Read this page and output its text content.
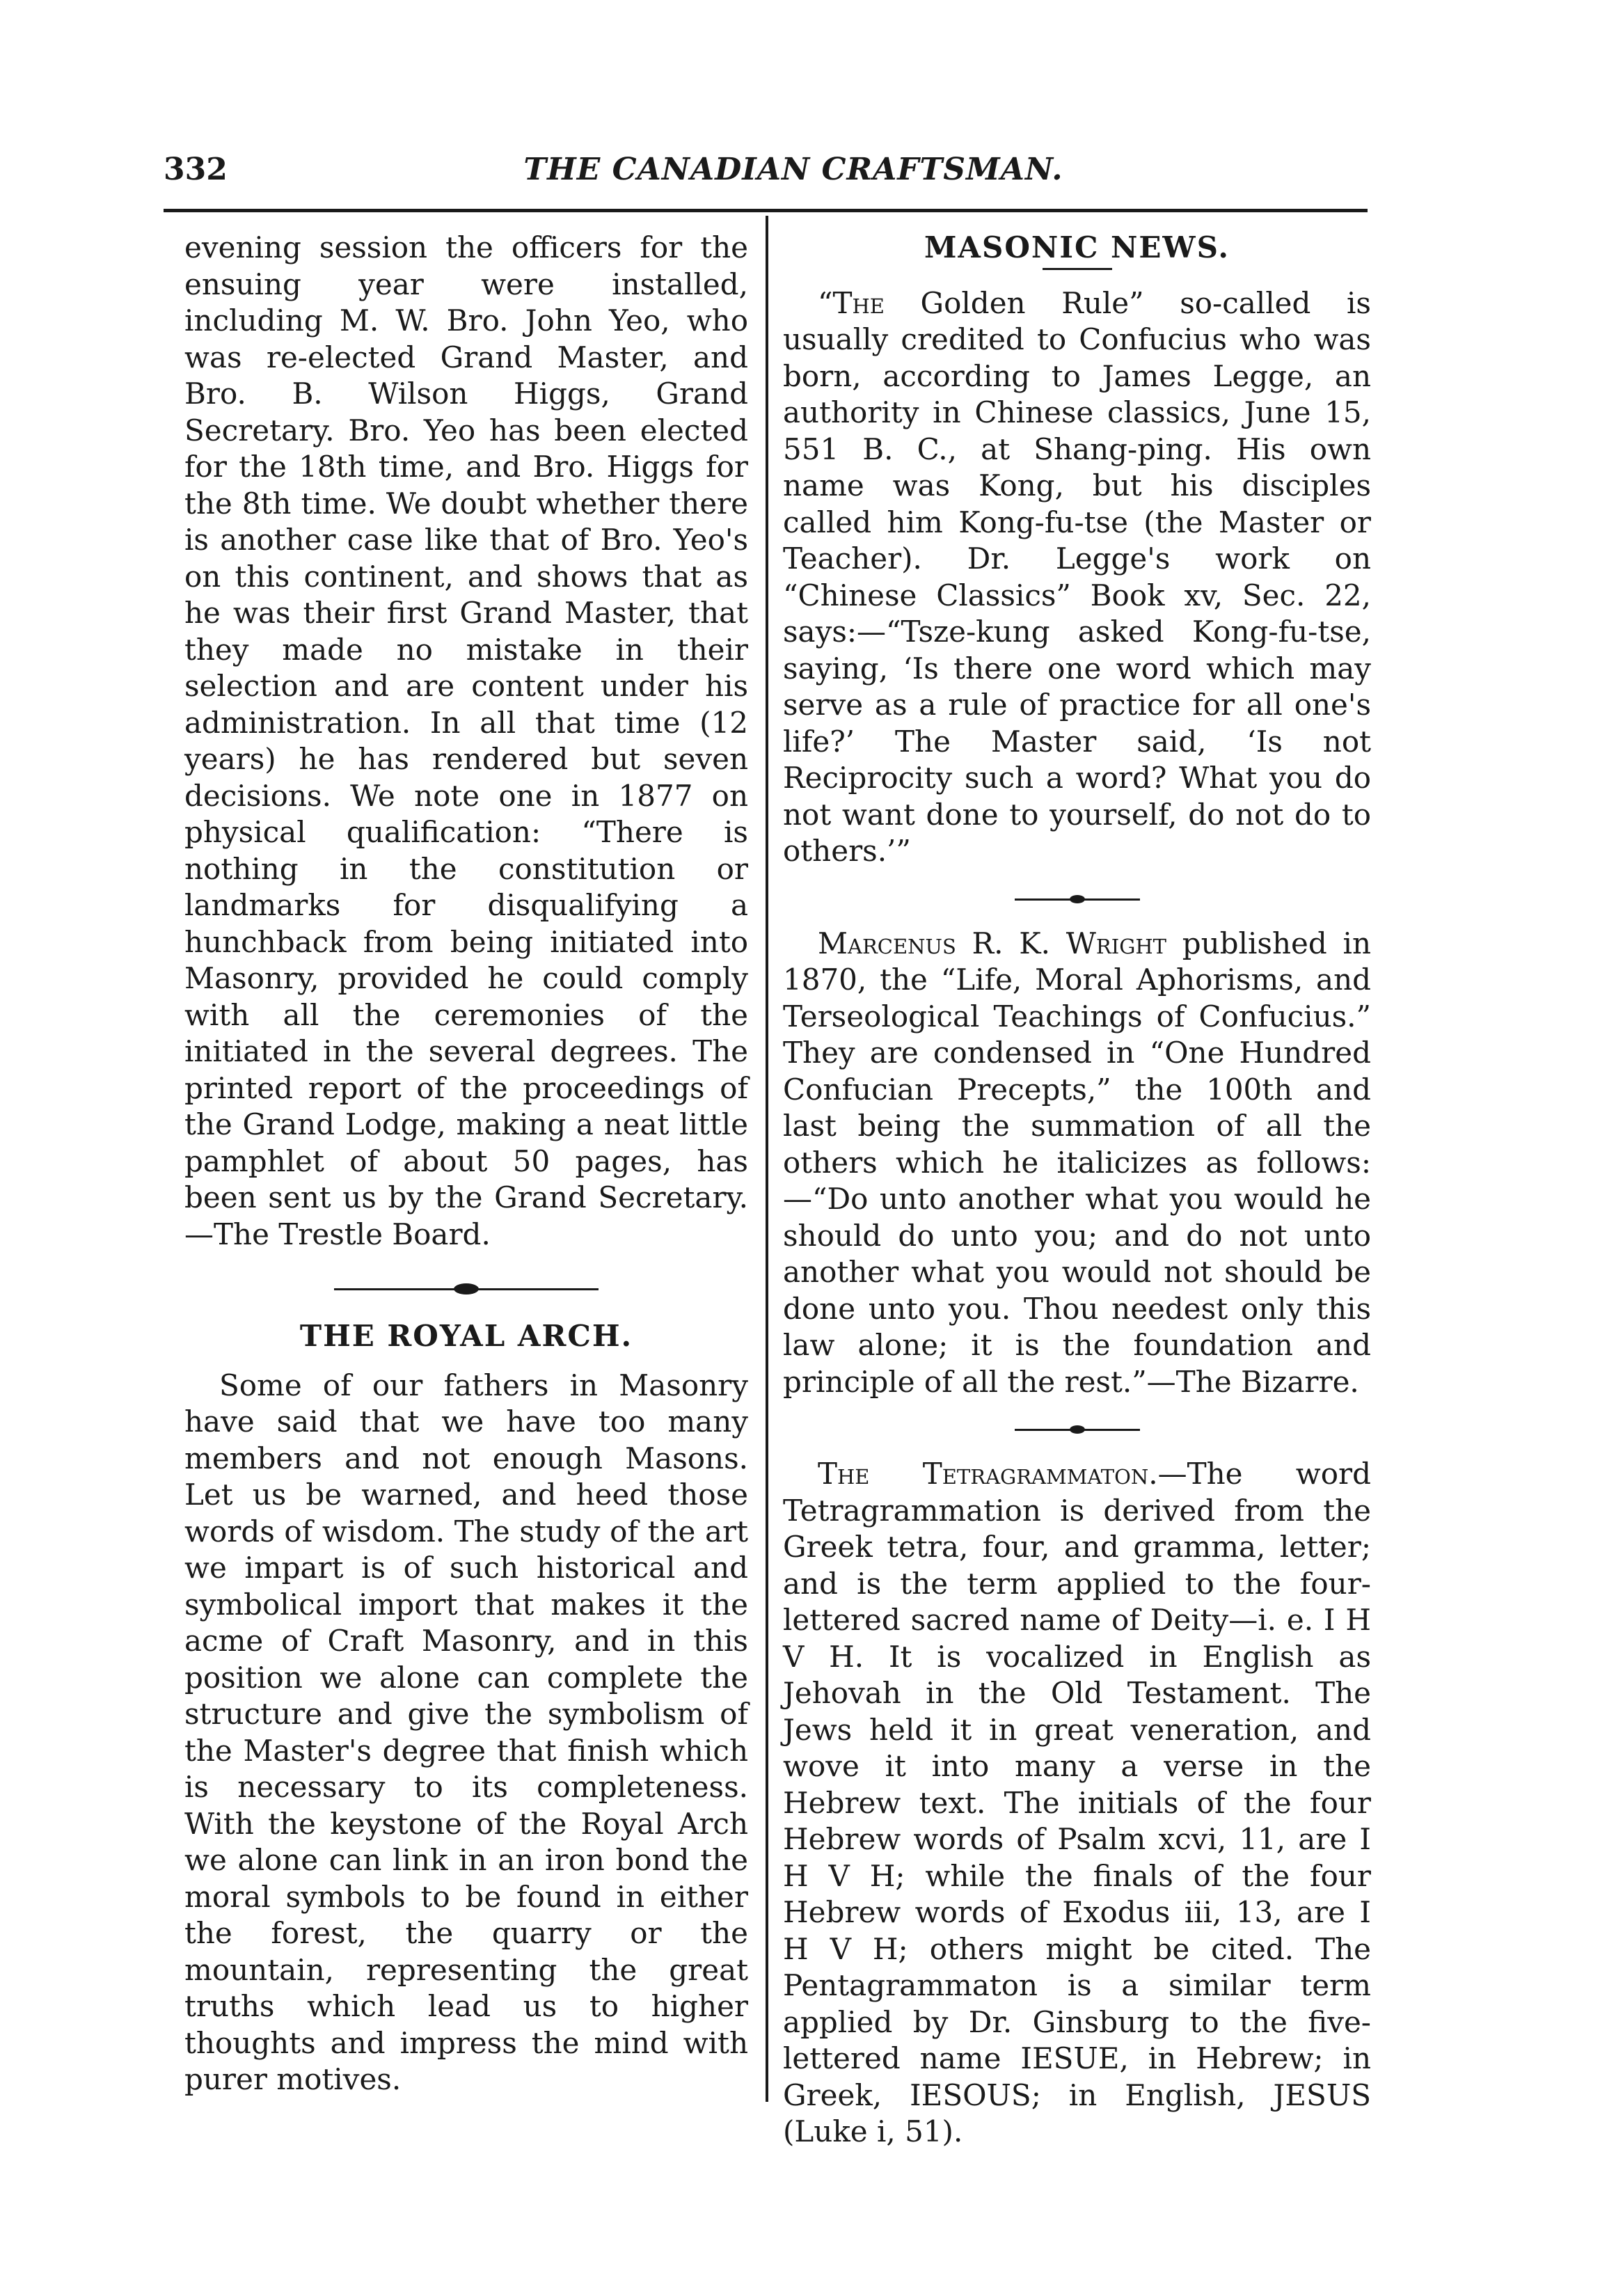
332	THE CANADIAN CRAFTSMAN.

evening session the officers for the ensuing year were installed, including M. W. Bro. John Yeo, who was re-elected Grand Master, and Bro. B. Wilson Higgs, Grand Secretary. Bro. Yeo has been elected for the 18th time, and Bro. Higgs for the 8th time. We doubt whether there is another case like that of Bro. Yeo's on this continent, and shows that as he was their first Grand Master, that they made no mistake in their selection and are content under his administration. In all that time (12 years) he has rendered but seven decisions. We note one in 1877 on physical qualification: “There is nothing in the constitution or landmarks for disqualifying a hunchback from being initiated into Masonry, provided he could comply with all the ceremonies of the initiated in the several degrees. The printed report of the proceedings of the Grand Lodge, making a neat little pamphlet of about 50 pages, has been sent us by the Grand Secretary.—The Trestle Board.

THE ROYAL ARCH.

Some of our fathers in Masonry have said that we have too many members and not enough Masons. Let us be warned, and heed those words of wisdom. The study of the art we impart is of such historical and symbolical import that makes it the acme of Craft Masonry, and in this position we alone can complete the structure and give the symbolism of the Master's degree that finish which is necessary to its completeness. With the keystone of the Royal Arch we alone can link in an iron bond the moral symbols to be found in either the forest, the quarry or the mountain, representing the great truths which lead us to higher thoughts and impress the mind with purer motives.

MASONIC NEWS.

“The Golden Rule” so-called is usually credited to Confucius who was born, according to James Legge, an authority in Chinese classics, June 15, 551 B. C., at Shang-ping. His own name was Kong, but his disciples called him Kong-fu-tse (the Master or Teacher). Dr. Legge's work on “Chinese Classics” Book xv, Sec. 22, says:—“Tsze-kung asked Kong-fu-tse, saying, ‘Is there one word which may serve as a rule of practice for all one's life?’ The Master said, ‘Is not Reciprocity such a word? What you do not want done to yourself, do not do to others.’”

Marcenus R. K. Wright published in 1870, the “Life, Moral Aphorisms, and Terseological Teachings of Confucius.” They are condensed in “One Hundred Confucian Precepts,” the 100th and last being the summation of all the others which he italicizes as follows:—“Do unto another what you would he should do unto you; and do not unto another what you would not should be done unto you. Thou needest only this law alone; it is the foundation and principle of all the rest.”—The Bizarre.

The Tetragrammaton.—The word Tetragrammation is derived from the Greek tetra, four, and gramma, letter; and is the term applied to the four-lettered sacred name of Deity—i. e. I H V H. It is vocalized in English as Jehovah in the Old Testament. The Jews held it in great veneration, and wove it into many a verse in the Hebrew text. The initials of the four Hebrew words of Psalm xcvi, 11, are I H V H; while the finals of the four Hebrew words of Exodus iii, 13, are I H V H; others might be cited. The Pentagrammaton is a similar term applied by Dr. Ginsburg to the five-lettered name IESUE, in Hebrew; in Greek, IESOUS; in English, JESUS (Luke i, 51).
